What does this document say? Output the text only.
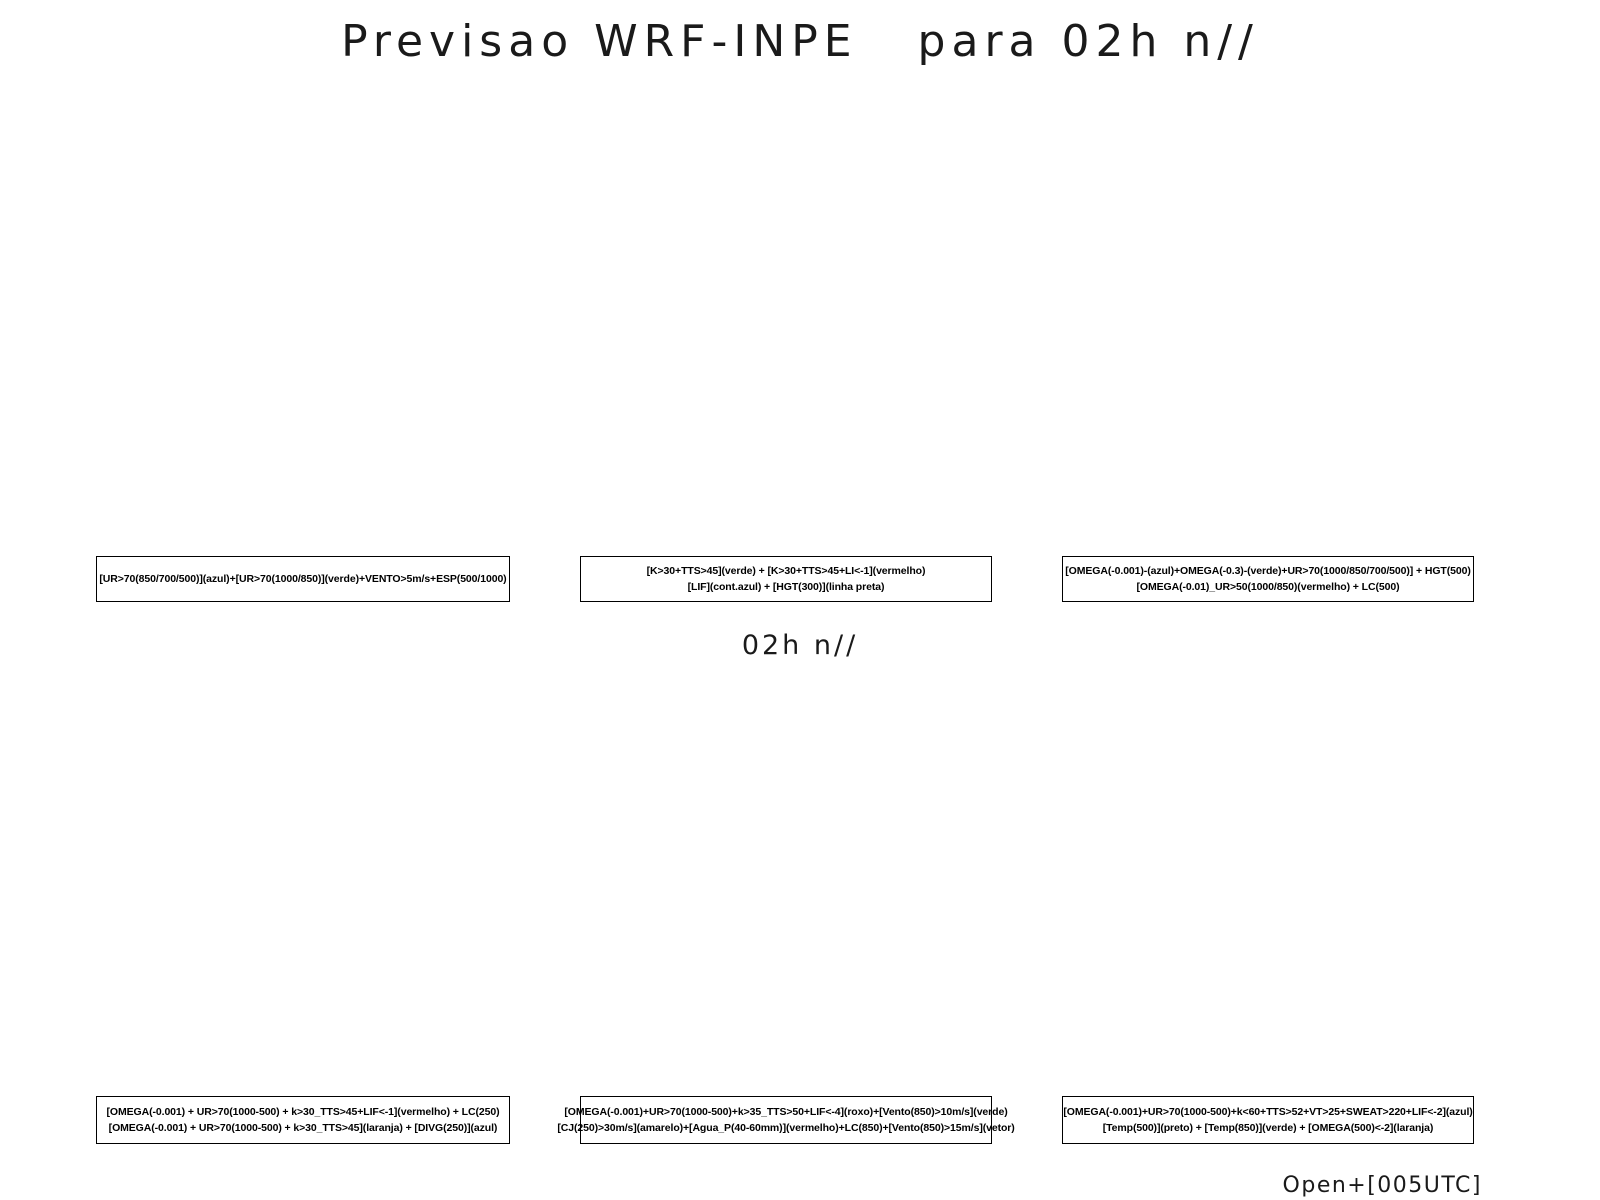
Previsao WRF-INPE   para 02h n//
02h n//
[UR>70(850/700/500)](azul)+[UR>70(1000/850)](verde)+VENTO>5m/s+ESP(500/1000)
[K>30+TTS>45](verde) + [K>30+TTS>45+LI<-1](vermelho)
[LIF](cont.azul) + [HGT(300)](linha preta)
[OMEGA(-0.001)-(azul)+OMEGA(-0.3)-(verde)+UR>70(1000/850/700/500)] + HGT(500)
[OMEGA(-0.01)_UR>50(1000/850)(vermelho) + LC(500)
[OMEGA(-0.001) + UR>70(1000-500) + k>30_TTS>45+LIF<-1](vermelho) + LC(250)
[OMEGA(-0.001) + UR>70(1000-500) + k>30_TTS>45](laranja) + [DIVG(250)](azul)
[OMEGA(-0.001)+UR>70(1000-500)+k>35_TTS>50+LIF<-4](roxo)+[Vento(850)>10m/s](verde)
[CJ(250)>30m/s](amarelo)+[Agua_P(40-60mm)](vermelho)+LC(850)+[Vento(850)>15m/s](vetor)
[OMEGA(-0.001)+UR>70(1000-500)+k<60+TTS>52+VT>25+SWEAT>220+LIF<-2](azul)
[Temp(500)](preto) + [Temp(850)](verde) + [OMEGA(500)<-2](laranja)
Open+[005UTC]
